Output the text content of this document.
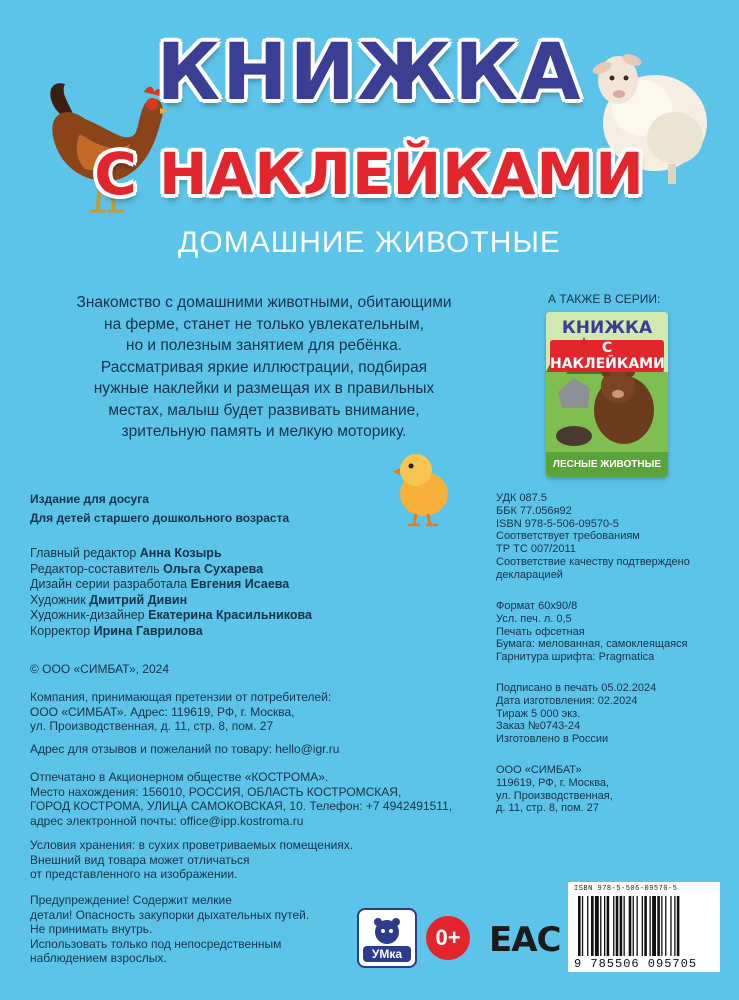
КНИЖКА
С НАКЛЕЙКАМИ
ДОМАШНИЕ ЖИВОТНЫЕ
Знакомство с домашними животными, обитающими
на ферме, станет не только увлекательным,
но и полезным занятием для ребёнка.
Рассматривая яркие иллюстрации, подбирая
нужные наклейки и размещая их в правильных
местах, малыш будет развивать внимание,
зрительную память и мелкую моторику.
А ТАКЖЕ В СЕРИИ:
КНИЖКА
С НАКЛЕЙКАМИ
ЛЕСНЫЕ ЖИВОТНЫЕ
Издание для досуга
Для детей старшего дошкольного возраста
Главный редактор Анна Козырь
Редактор-составитель Ольга Сухарева
Дизайн серии разработала Евгения Исаева
Художник Дмитрий Дивин
Художник-дизайнер Екатерина Красильникова
Корректор Ирина Гаврилова
© ООО «СИМБАТ», 2024
Компания, принимающая претензии от потребителей:
ООО «СИМБАТ». Адрес: 119619, РФ, г. Москва,
ул. Производственная, д. 11, стр. 8, пом. 27
Адрес для отзывов и пожеланий по товару: hello@igr.ru
Отпечатано в Акционерном обществе «КОСТРОМА».
Место нахождения: 156010, РОССИЯ, ОБЛАСТЬ КОСТРОМСКАЯ,
ГОРОД КОСТРОМА, УЛИЦА САМОКОВСКАЯ, 10. Телефон: +7 4942491511,
адрес электронной почты: office@ipp.kostroma.ru
Условия хранения: в сухих проветриваемых помещениях.
Внешний вид товара может отличаться
от представленного на изображении.
Предупреждение! Содержит мелкие
детали! Опасность закупорки дыхательных путей.
Не принимать внутрь.
Использовать только под непосредственным
наблюдением взрослых.
УДК 087.5
ББК 77.056я92
ISBN 978-5-506-09570-5
Соответствует требованиям
ТР ТС 007/2011
Соответствие качеству подтверждено
декларацией
Формат 60х90/8
Усл. печ. л. 0,5
Печать офсетная
Бумага: мелованная, самоклеящаяся
Гарнитура шрифта: Pragmatica
Подписано в печать 05.02.2024
Дата изготовления: 02.2024
Тираж 5 000 экз.
Заказ №0743-24
Изготовлено в России
ООО «СИМБАТ»
119619, РФ, г. Москва,
ул. Производственная,
д. 11, стр. 8, пом. 27
УМка
0+ EAC
ISBN 978-5-506-09570-5
9 785506 095705
